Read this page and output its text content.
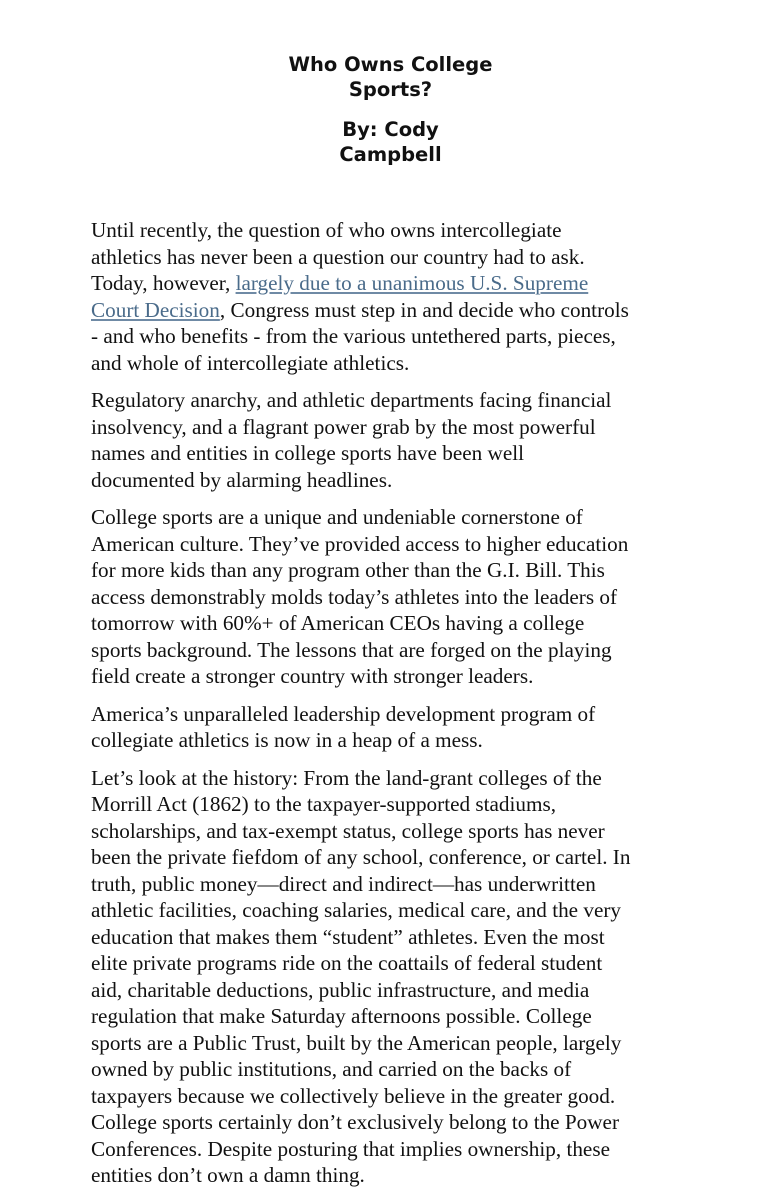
Who Owns College
Sports?
By: Cody
Campbell

Until recently, the question of who owns intercollegiate
athletics has never been a question our country had to ask.
Today, however, largely due to a unanimous U.S. Supreme
Court Decision, Congress must step in and decide who controls
- and who benefits - from the various untethered parts, pieces,
and whole of intercollegiate athletics.

Regulatory anarchy, and athletic departments facing financial
insolvency, and a flagrant power grab by the most powerful
names and entities in college sports have been well
documented by alarming headlines.

College sports are a unique and undeniable cornerstone of
American culture. They’ve provided access to higher education
for more kids than any program other than the G.I. Bill. This
access demonstrably molds today’s athletes into the leaders of
tomorrow with 60%+ of American CEOs having a college
sports background. The lessons that are forged on the playing
field create a stronger country with stronger leaders.

America’s unparalleled leadership development program of
collegiate athletics is now in a heap of a mess.

Let’s look at the history: From the land-grant colleges of the
Morrill Act (1862) to the taxpayer-supported stadiums,
scholarships, and tax-exempt status, college sports has never
been the private fiefdom of any school, conference, or cartel. In
truth, public money—direct and indirect—has underwritten
athletic facilities, coaching salaries, medical care, and the very
education that makes them “student” athletes. Even the most
elite private programs ride on the coattails of federal student
aid, charitable deductions, public infrastructure, and media
regulation that make Saturday afternoons possible. College
sports are a Public Trust, built by the American people, largely
owned by public institutions, and carried on the backs of
taxpayers because we collectively believe in the greater good.
College sports certainly don’t exclusively belong to the Power
Conferences. Despite posturing that implies ownership, these
entities don’t own a damn thing.
